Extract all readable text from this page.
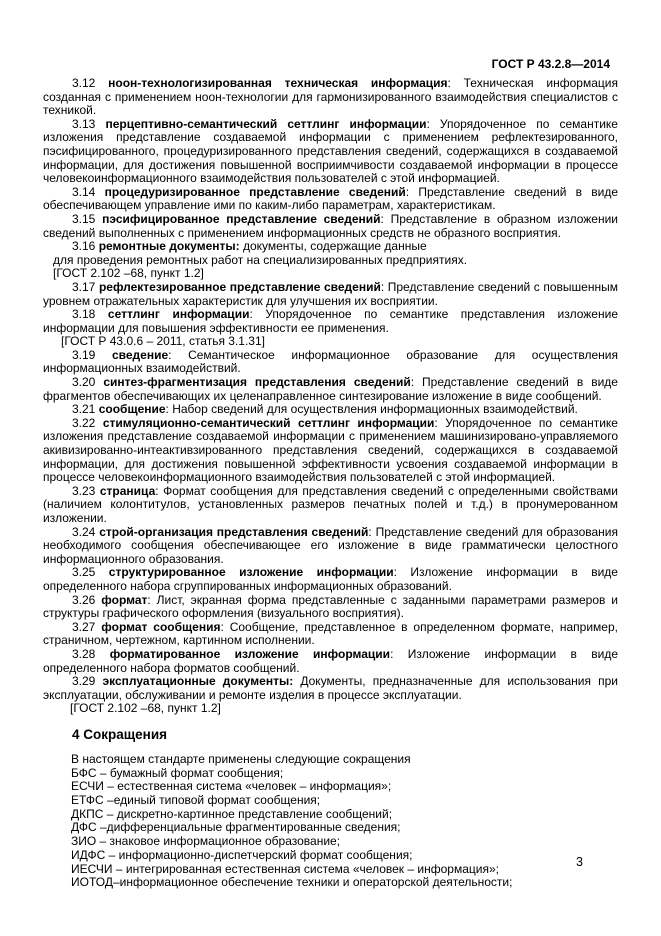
ГОСТ Р 43.2.8—2014

3.12 ноон-технологизированная техническая информация: Техническая информация созданная с применением ноон-технологии для гармонизированного взаимодействия специалистов с техникой.

3.13 перцептивно-семантический сеттлинг информации: Упорядоченное по семантике изложения представление создаваемой информации с применением рефлектезированного, пэсифицированного, процедуризированного представления сведений, содержащихся в создаваемой информации, для достижения повышенной восприимчивости создаваемой информации в процессе человекоинформационного взаимодействия пользователей с этой информацией.

3.14 процедуризированное представление сведений: Представление сведений в виде обеспечивающем управление ими по каким-либо параметрам, характеристикам.

3.15 пэсифицированное представление сведений: Представление в образном изложении сведений выполненных с применением информационных средств не образного восприятия.

3.16 ремонтные документы: документы, содержащие данные

для проведения ремонтных работ на специализированных предприятиях.
[ГОСТ 2.102 –68, пункт 1.2]

3.17 рефлектезированное представление сведений: Представление сведений с повышенным уровнем отражательных характеристик для улучшения их восприятии.

3.18 сеттлинг информации: Упорядоченное по семантике представления изложение информации для повышения эффективности ее применения.

[ГОСТ Р 43.0.6 – 2011, статья 3.1.31]

3.19 сведение: Семантическое информационное образование для осуществления информационных взаимодействий.

3.20 синтез-фрагментизация представления сведений: Представление сведений в виде фрагментов обеспечивающих их целенаправленное синтезирование изложение в виде сообщений.

3.21 сообщение: Набор сведений для осуществления информационных взаимодействий.

3.22 стимуляционно-семантический сеттлинг информации: Упорядоченное по семантике изложения представление создаваемой информации с применением машинизировано-управляемого акивизированно-интеактивзированного представления сведений, содержащихся в создаваемой информации, для достижения повышенной эффективности усвоения создаваемой информации в процессе человекоинформационного взаимодействия пользователей с этой информацией.

3.23 страница: Формат сообщения для представления сведений с определенными свойствами (наличием колонтитулов, установленных размеров печатных полей и т.д.) в пронумерованном изложении.

3.24 строй-организация представления сведений: Представление сведений для образования необходимого сообщения обеспечивающее его изложение в виде грамматически целостного информационного образования.

3.25 структурированное изложение информации: Изложение информации в виде определенного набора сгруппированных информационных образований.

3.26 формат: Лист, экранная форма представленные с заданными параметрами размеров и структуры графического оформления (визуального восприятия).

3.27 формат сообщения: Сообщение, представленное в определенном формате, например, страничном, чертежном, картинном исполнении.

3.28 форматированное изложение информации: Изложение информации в виде определенного набора форматов сообщений.

3.29 эксплуатационные документы: Документы, предназначенные для использования при эксплуатации, обслуживании и ремонте изделия в процессе эксплуатации.

[ГОСТ 2.102 –68, пункт 1.2]
4 Сокращения
В настоящем стандарте применены следующие сокращения
БФС – бумажный формат сообщения;
ЕСЧИ – естественная система «человек – информация»;
ЕТФС –единый типовой формат сообщения;
ДКПС – дискретно-картинное представление сообщений;
ДФС –дифференциальные фрагментированные сведения;
ЗИО – знаковое информационное образование;
ИДФС – информационно-диспетчерский формат сообщения;
ИЕСЧИ – интегрированная естественная система «человек – информация»;
ИОТОД–информационное обеспечение техники и операторской деятельности;
3
